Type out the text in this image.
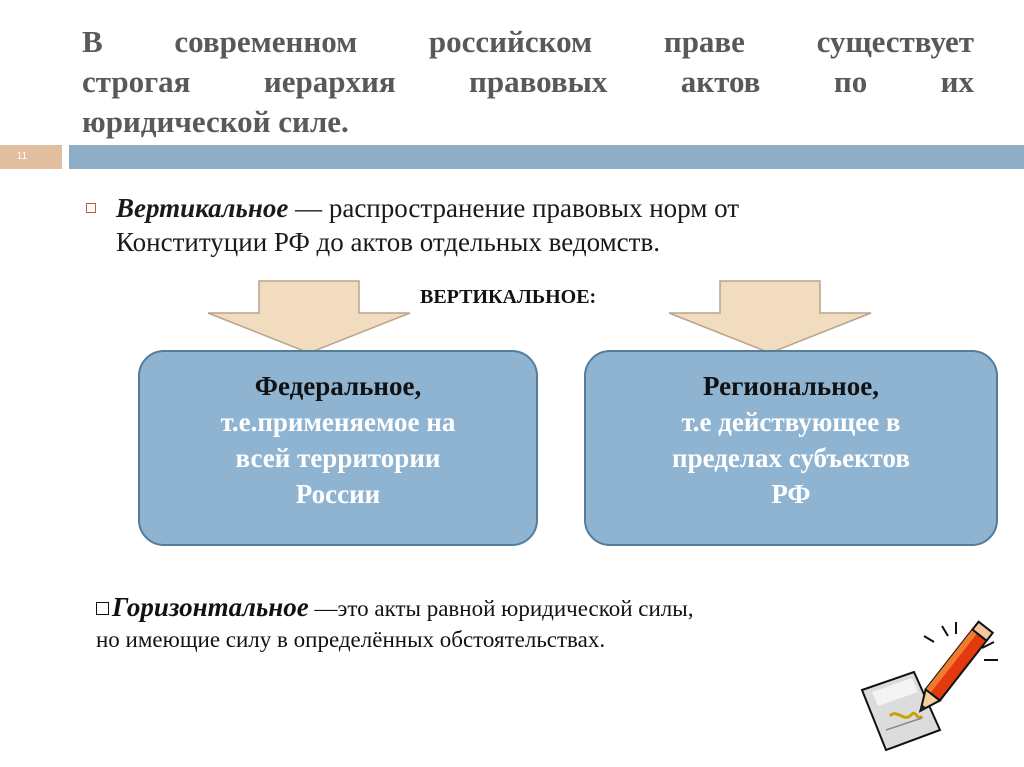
В современном российском праве существует
строгая иерархия правовых актов по их
юридической силе.
11
Вертикальное — распространение правовых норм от
Конституции РФ до актов отдельных ведомств.
ВЕРТИКАЛЬНОЕ:
Федеральное,
т.е.применяемое на
всей территории
России
Региональное,
т.е действующее в
пределах субъектов
РФ
Горизонтальное —это акты равной юридической силы,
но имеющие силу в определённых обстоятельствах.
